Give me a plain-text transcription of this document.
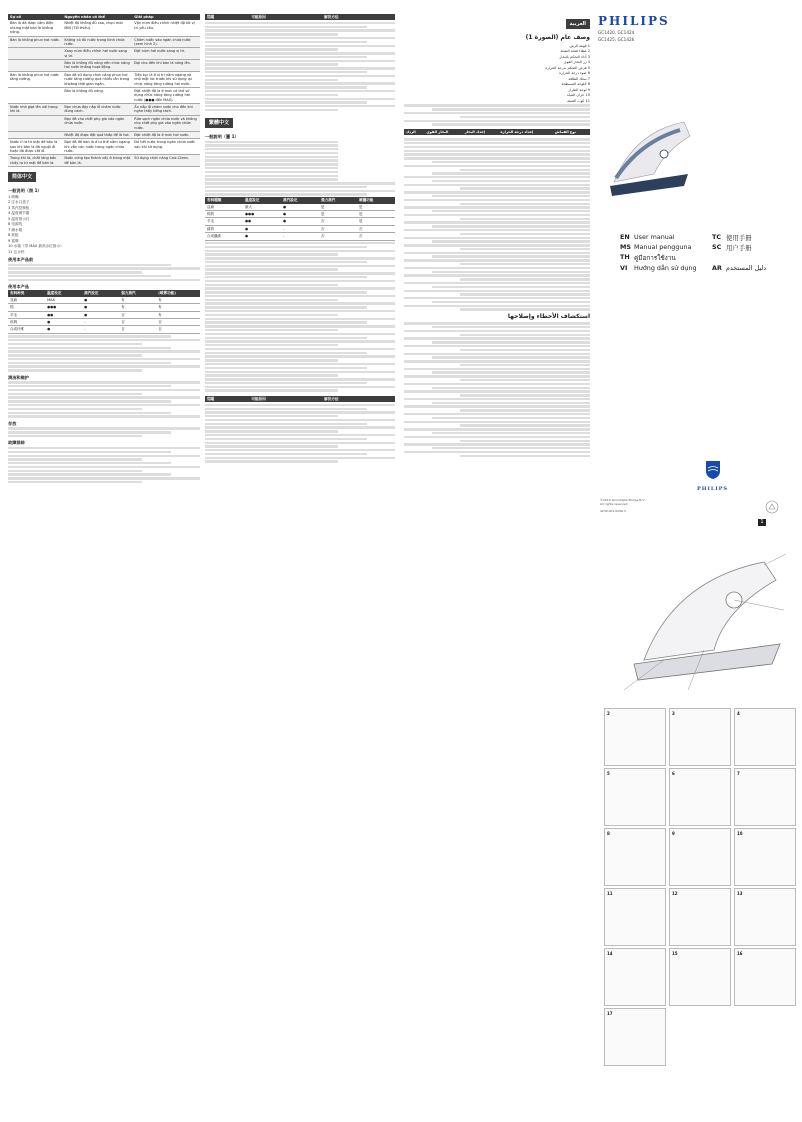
Sự cố	Nguyên nhân có thể	Giải pháp
Bàn là đã được cắm điện nhưng mặt bàn là không nóng.	Nhiệt độ không đủ cao, chọn mức MIN (Tối thiểu).	Vặn núm điều chỉnh nhiệt độ tới vị trí yêu cầu.
Bàn là không phun hơi nước.	Không có đủ nước trong bình chứa nước.	Châm nước vào ngăn chứa nước (xem hình 2).
	Xoay núm điều chỉnh hơi nước sang vị trí.	Đặt núm hơi nước sang vị trí.
	Bàn là không đủ nóng nên chức năng hơi nước không hoạt động.	Đợi cho đến khi bàn là nóng lên.
Bàn là không phun hơi nước tăng cường.	Bạn đã sử dụng chức năng phun hơi nước tăng cường quá nhiều lần trong khoảng thời gian ngắn.	Tiếp tục là ở vị trí nằm ngang và chờ một lúc trước khi sử dụng lại chức năng tăng cường hơi nước.
	Bàn là không đủ nóng.	Đặt nhiệt độ là ở mức có thể sử dụng chức năng tăng cường hơi nước (●●● đến MAX).
Nước nhỏ giọt lên vải trong khi là.	Bạn chưa đậy nắp lỗ châm nước đúng cách.	Ấn nắp lỗ châm nước cho đến khi nghe thấy tiếng tách.
	Bạn đã cho chất phụ gia vào ngăn chứa nước.	Rửa sạch ngăn chứa nước và không cho chất phụ gia vào ngăn chứa nước.
	Nhiệt độ được đặt quá thấp để là hơi.	Đặt nhiệt độ là ở mức hơi nước.
Nước rỉ ra từ mặt đế bàn là sau khi bàn là đã nguội đi hoặc đã được cất đi.	Bạn đã để bàn là ở tư thế nằm ngang khi vẫn còn nước trong ngăn chứa nước.	Đổ hết nước trong ngăn chứa nước sau khi sử dụng.
Trong khi là, chất lỏng bẩn chảy ra từ mặt đế bàn là.	Nước cứng tạo thành vảy ở trong mặt đế bàn là.	Sử dụng chức năng Calc-Clean.
简体中文
一般说明（图 1）
1 喷嘴
2 注水口盖子
3 蒸汽控制钮
4 温度调节器
5 温度指示灯
6 电源线
7 储水箱
8 底板
9 铭牌
10 水箱（带 MAX 最高水位指示）
11 注水杯
使用本产品前
使用本产品
布料种类	温度设定	蒸汽设定	强力蒸汽	(喷雾功能)
亚麻	MAX	●	有	有
棉	●●●	●	有	有
羊毛	●●	●	否	有
丝绸	●	-	否	否
合成纤维	●	-	否	否
清洁和维护
存放
故障排除
問題	可能原因	解決方法
繁體中文
一般說明（圖 1）
布料種類	溫度設定	蒸汽設定	強力蒸汽	噴灑功能
亞麻	最大	●	是	是
棉質	●●●	●	是	是
羊毛	●●	●	否	是
絲質	●	-	否	否
合成纖維	●	-	否	否
問題	可能原因	解決方法
العربية
وصف عام (الصورة 1)
1 فوهة الرش
2 غطاء فتحة التعبئة
3 أداة التحكم بالبخار
4 زر البخار القوي
5 قرص التحكم بدرجة الحرارة
6 ضوء درجة الحرارة
7 سلك الطاقة
8 اللوحة المسطحة
9 لوحة الطراز
10 خزان المياه
11 كوب التعبئة
نوع القماش	إعداد درجة الحرارة	إعداد البخار	البخار القوي	الرذاذ
استكشاف الأخطاء وإصلاحها
PHILIPS
GC1420, GC1424
GC1425, GC1426
EN User manual	TC 使用手冊
MS Manual pengguna	SC 用户手册
TH คู่มือการใช้งาน
VI	Hướng dẫn sử dụng	AR دليل المستخدم
PHILIPS
©2019 Koninklijke Philips N.V.
All rights reserved.
4239.001.0298.3
1
2	3	4
5	6	7
8	9	10
11	12	13
14	15	16
17
